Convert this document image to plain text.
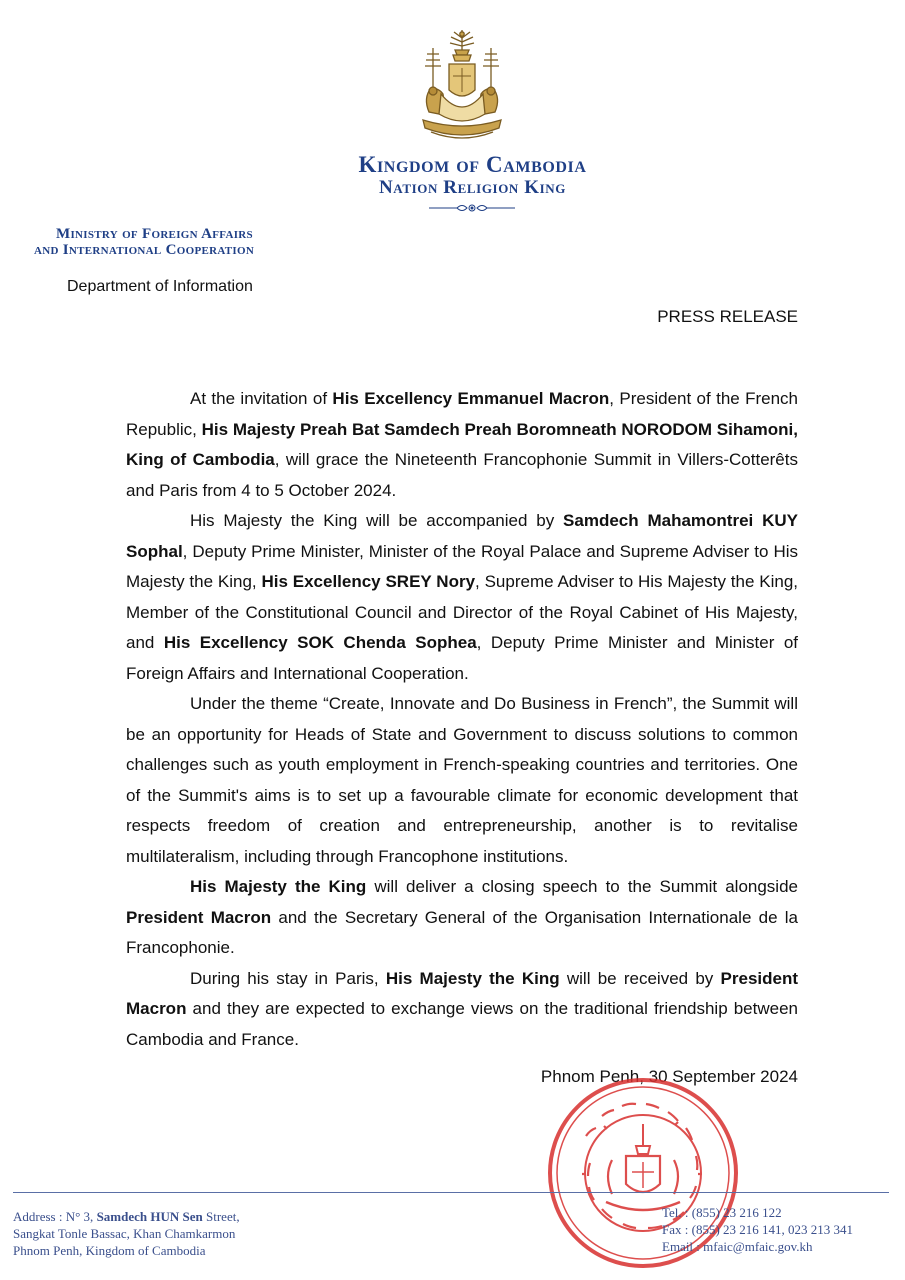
Kingdom of Cambodia
Nation Religion King
Ministry of Foreign Affairs
and International Cooperation
Department of Information
PRESS RELEASE

At the invitation of His Excellency Emmanuel Macron, President of the French Republic, His Majesty Preah Bat Samdech Preah Boromneath NORODOM Sihamoni, King of Cambodia, will grace the Nineteenth Francophonie Summit in Villers-Cotterêts and Paris from 4 to 5 October 2024.

His Majesty the King will be accompanied by Samdech Mahamontrei KUY Sophal, Deputy Prime Minister, Minister of the Royal Palace and Supreme Adviser to His Majesty the King, His Excellency SREY Nory, Supreme Adviser to His Majesty the King, Member of the Constitutional Council and Director of the Royal Cabinet of His Majesty, and His Excellency SOK Chenda Sophea, Deputy Prime Minister and Minister of Foreign Affairs and International Cooperation.

Under the theme “Create, Innovate and Do Business in French”, the Summit will be an opportunity for Heads of State and Government to discuss solutions to common challenges such as youth employment in French-speaking countries and territories. One of the Summit's aims is to set up a favourable climate for economic development that respects freedom of creation and entrepreneurship, another is to revitalise multilateralism, including through Francophone institutions.

His Majesty the King will deliver a closing speech to the Summit alongside President Macron and the Secretary General of the Organisation Internationale de la Francophonie.

During his stay in Paris, His Majesty the King will be received by President Macron and they are expected to exchange views on the traditional friendship between Cambodia and France.

Phnom Penh, 30 September 2024
Address : N° 3, Samdech HUN Sen Street,
Sangkat Tonle Bassac, Khan Chamkarmon
Phnom Penh, Kingdom of Cambodia
Tel. : (855) 23 216 122
Fax : (855) 23 216 141, 023 213 341
Email : mfaic@mfaic.gov.kh
